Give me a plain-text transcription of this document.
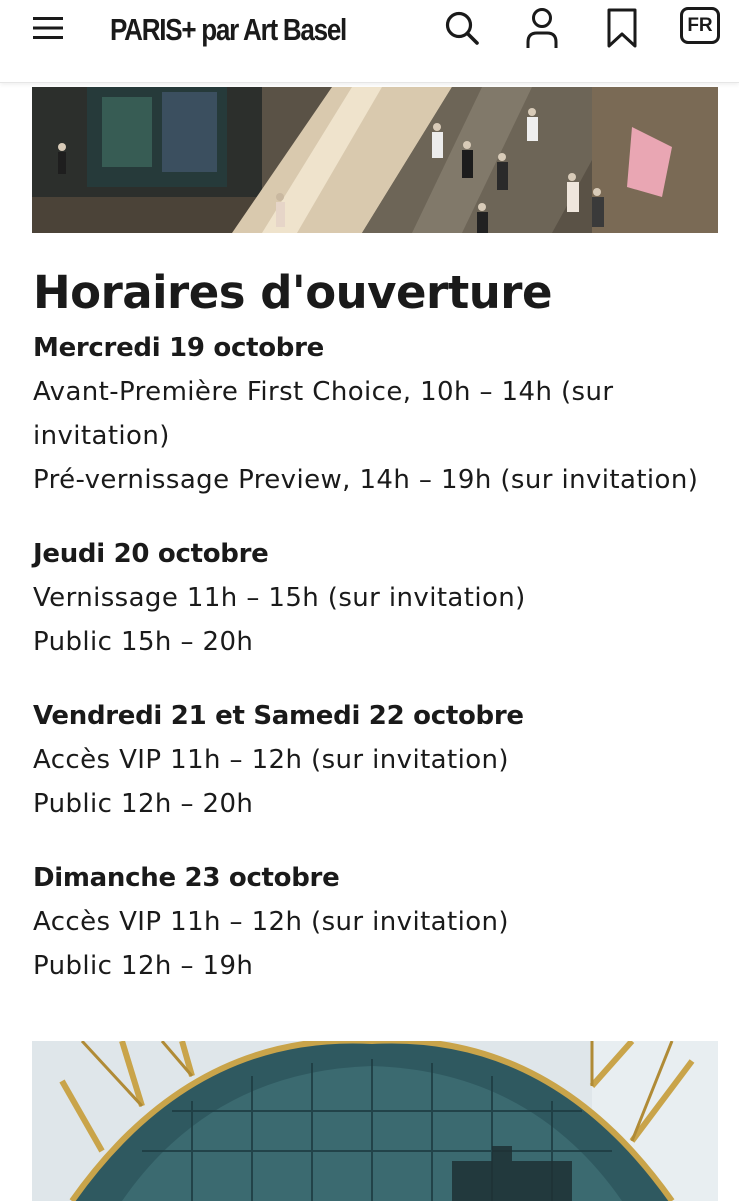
PARIS+ par Art Basel	FR
Horaires d'ouverture
Mercredi 19 octobre
Avant-Première First Choice, 10h – 14h (sur invitation)
Pré-vernissage Preview, 14h – 19h (sur invitation)
Jeudi 20 octobre
Vernissage 11h – 15h (sur invitation)
Public 15h – 20h
Vendredi 21 et Samedi 22 octobre
Accès VIP 11h – 12h (sur invitation)
Public 12h – 20h
Dimanche 23 octobre
Accès VIP 11h – 12h (sur invitation)
Public 12h – 19h
